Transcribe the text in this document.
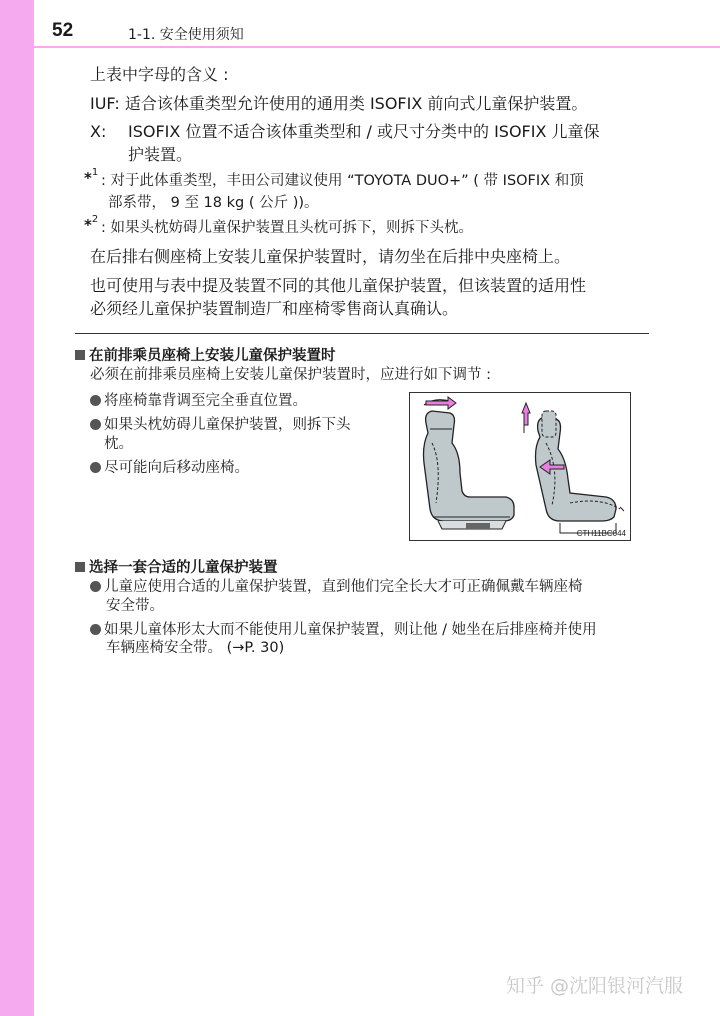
52	1-1. 安全使用须知
上表中字母的含义 :
IUF: 适合该体重类型允许使用的通用类 ISOFIX 前向式儿童保护装置。
X: ISOFIX 位置不适合该体重类型和 / 或尺寸分类中的 ISOFIX 儿童保
护装置。
*$^1$
: 对于此体重类型，丰田公司建议使用 “TOYOTA DUO+” ( 带 ISOFIX 和顶
部系带， 9 至 18 kg ( 公斤 ))。
*$^2$
: 如果头枕妨碍儿童保护装置且头枕可拆下，则拆下头枕。
在后排右侧座椅上安装儿童保护装置时，请勿坐在后排中央座椅上。
也可使用与表中提及装置不同的其他儿童保护装置，但该装置的适用性
必须经儿童保护装置制造厂和座椅零售商认真确认。
在前排乘员座椅上安装儿童保护装置时
必须在前排乘员座椅上安装儿童保护装置时，应进行如下调节 :
将座椅靠背调至完全垂直位置。
如果头枕妨碍儿童保护装置，则拆下头
枕。
尽可能向后移动座椅。
CTH11BC044
选择一套合适的儿童保护装置
儿童应使用合适的儿童保护装置，直到他们完全长大才可正确佩戴车辆座椅
安全带。
如果儿童体形太大而不能使用儿童保护装置，则让他 / 她坐在后排座椅并使用
车辆座椅安全带。 (→P. 30)
知乎 @沈阳银河汽服
